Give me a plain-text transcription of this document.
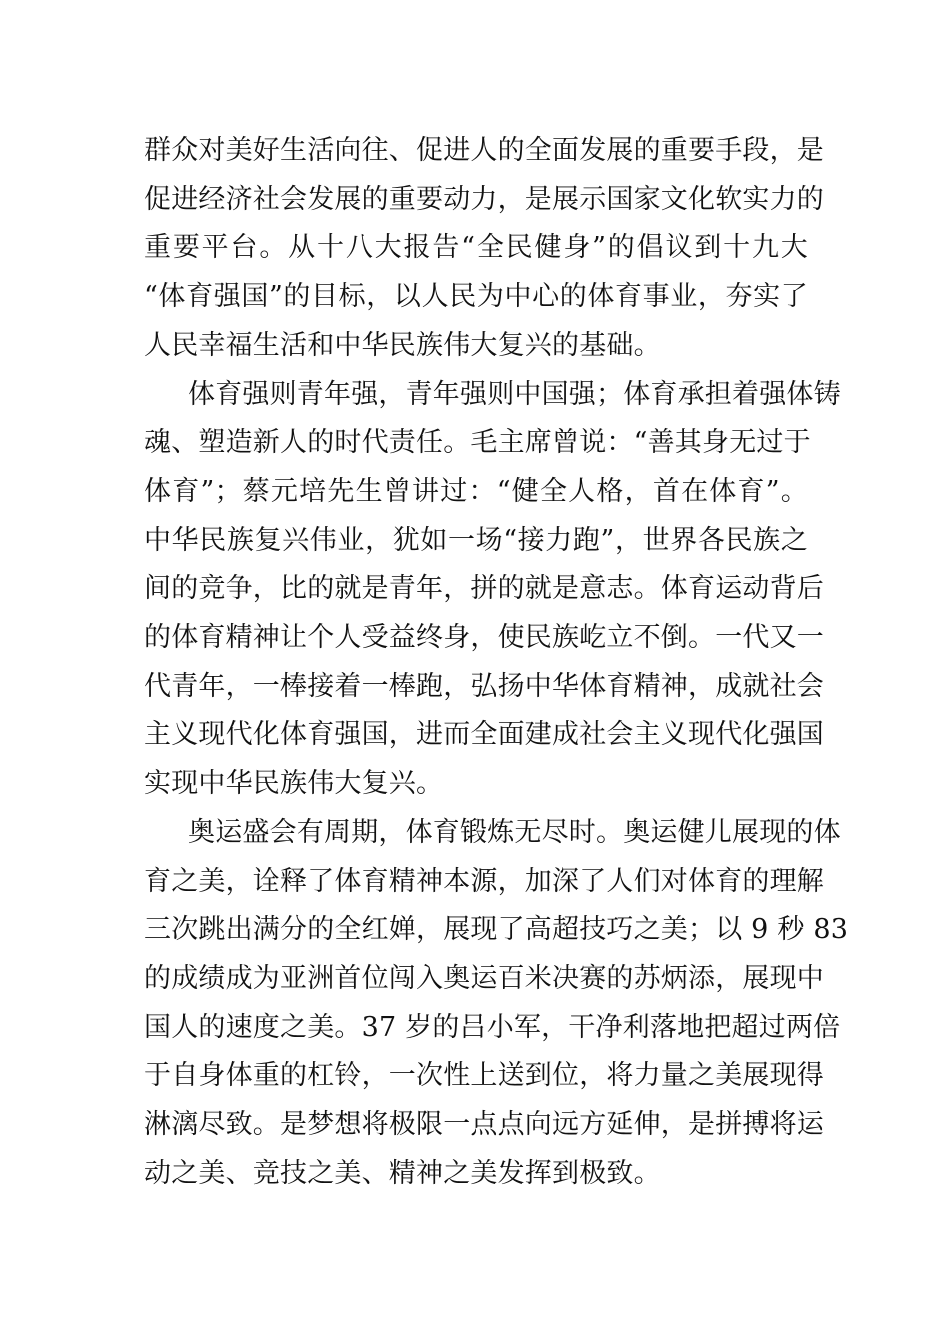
群众对美好生活向往、促进人的全面发展的重要手段，是
促进经济社会发展的重要动力，是展示国家文化软实力的
重要平台。从十八大报告“全民健身”的倡议到十九大
“体育强国”的目标，以人民为中心的体育事业，夯实了
人民幸福生活和中华民族伟大复兴的基础。
体育强则青年强，青年强则中国强；体育承担着强体铸
魂、塑造新人的时代责任。毛主席曾说：“善其身无过于
体育”；蔡元培先生曾讲过：“健全人格，首在体育”。
中华民族复兴伟业，犹如一场“接力跑”，世界各民族之
间的竞争，比的就是青年，拼的就是意志。体育运动背后
的体育精神让个人受益终身，使民族屹立不倒。一代又一
代青年，一棒接着一棒跑，弘扬中华体育精神，成就社会
主义现代化体育强国，进而全面建成社会主义现代化强国
实现中华民族伟大复兴。
奥运盛会有周期，体育锻炼无尽时。奥运健儿展现的体
育之美，诠释了体育精神本源，加深了人们对体育的理解
三次跳出满分的全红婵，展现了高超技巧之美；以 9 秒 83
的成绩成为亚洲首位闯入奥运百米决赛的苏炳添，展现中
国人的速度之美。37 岁的吕小军，干净利落地把超过两倍
于自身体重的杠铃，一次性上送到位，将力量之美展现得
淋漓尽致。是梦想将极限一点点向远方延伸，是拼搏将运
动之美、竞技之美、精神之美发挥到极致。
